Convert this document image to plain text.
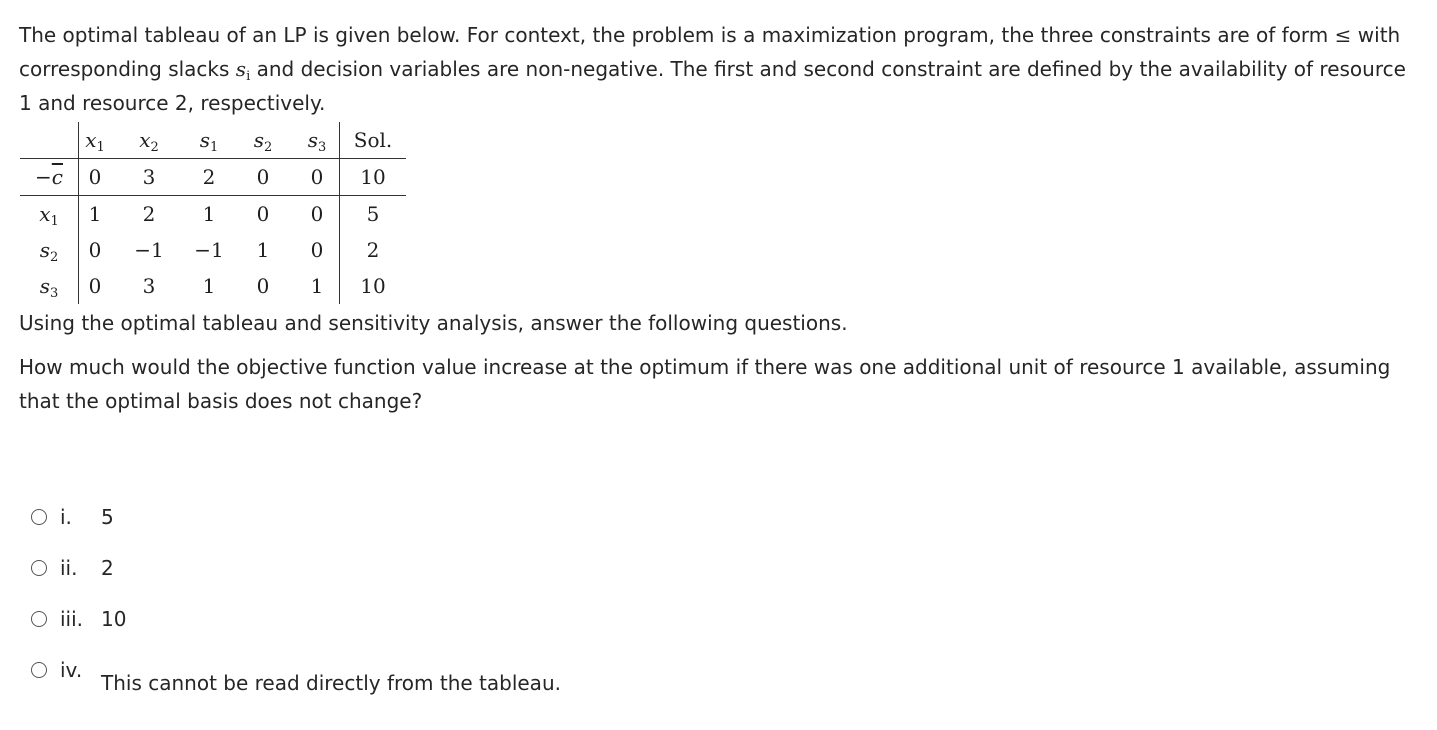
The optimal tableau of an LP is given below. For context, the problem is a maximization program, the three constraints are of form ≤ with corresponding slacks $s_i$ and decision variables are non-negative. The first and second constraint are defined by the availability of resource 1 and resource 2, respectively.

	$x_1$	$x_2$	$s_1$	$s_2$	$s_3$	Sol.
$-\overline{c}$	0	3	2	0	0	10
$x_1$	1	2	1	0	0	5
$s_2$	0	−1	−1	1	0	2
$s_3$	0	3	1	0	1	10

Using the optimal tableau and sensitivity analysis, answer the following questions.

How much would the objective function value increase at the optimum if there was one additional unit of resource 1 available, assuming that the optimal basis does not change?

i.	5
ii.	2
iii. 10
iv.
This cannot be read directly from the tableau.
